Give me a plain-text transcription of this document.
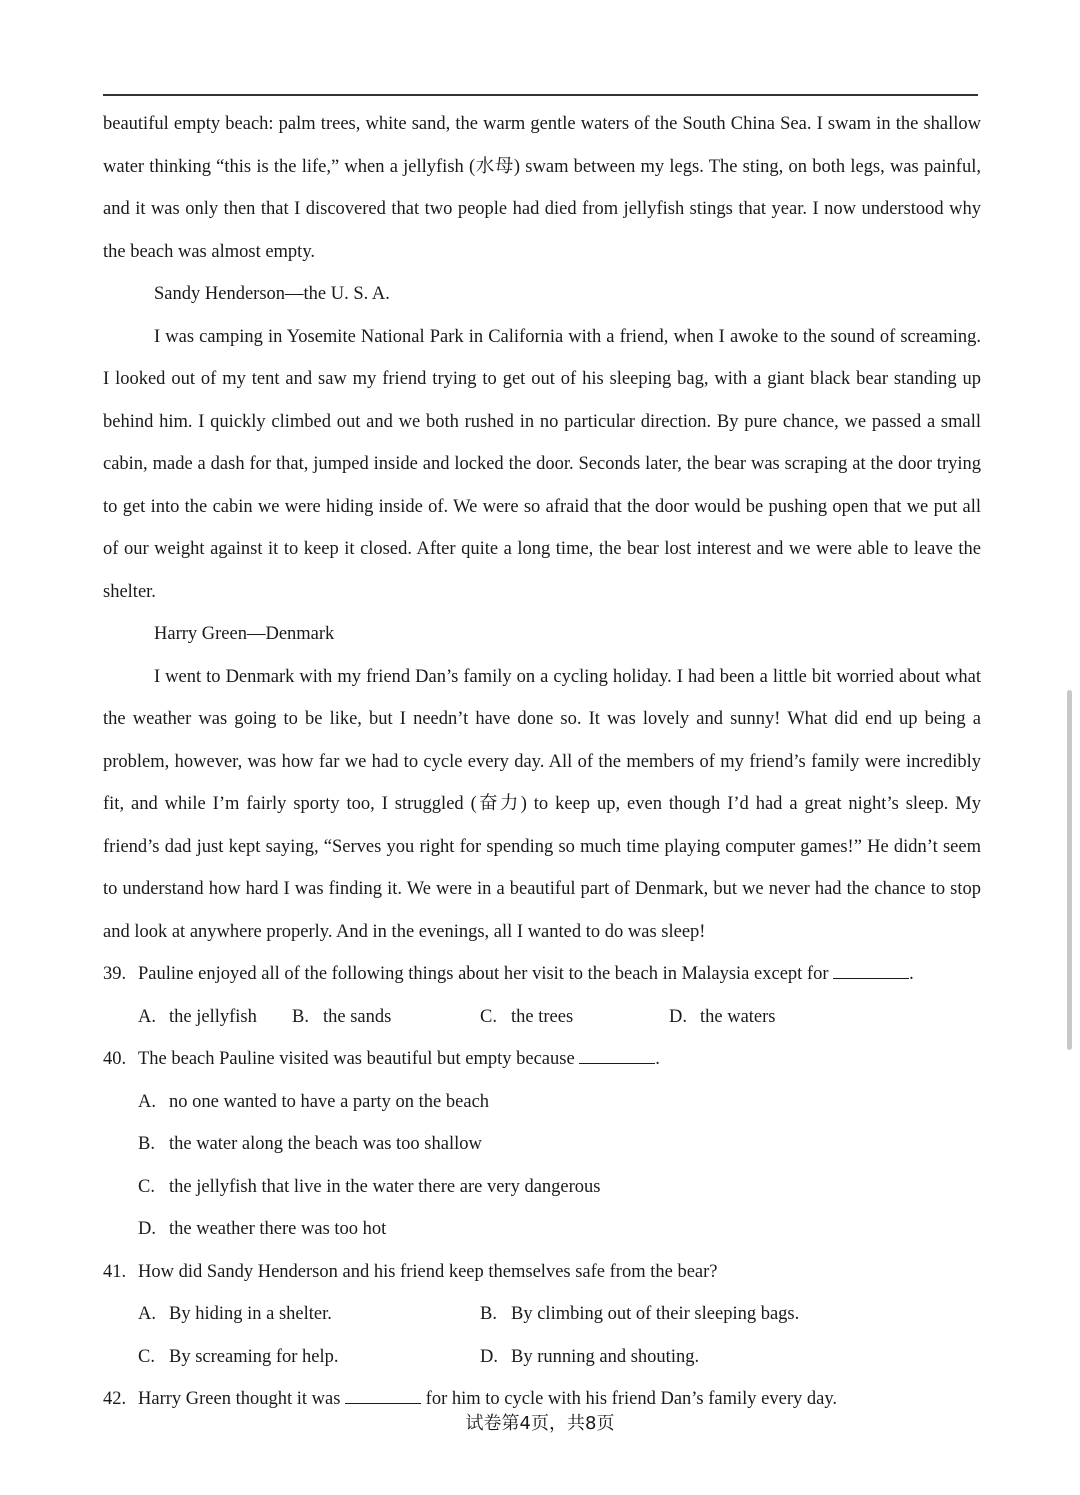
beautiful empty beach: palm trees, white sand, the warm gentle waters of the South China Sea. I swam in the shallow water thinking “this is the life,” when a jellyfish (水母) swam between my legs. The sting, on both legs, was painful, and it was only then that I discovered that two people had died from jellyfish stings that year. I now understood why the beach was almost empty.

Sandy Henderson—the U. S. A.

I was camping in Yosemite National Park in California with a friend, when I awoke to the sound of screaming. I looked out of my tent and saw my friend trying to get out of his sleeping bag, with a giant black bear standing up behind him. I quickly climbed out and we both rushed in no particular direction. By pure chance, we passed a small cabin, made a dash for that, jumped inside and locked the door. Seconds later, the bear was scraping at the door trying to get into the cabin we were hiding inside of. We were so afraid that the door would be pushing open that we put all of our weight against it to keep it closed. After quite a long time, the bear lost interest and we were able to leave the shelter.

Harry Green—Denmark

I went to Denmark with my friend Dan’s family on a cycling holiday. I had been a little bit worried about what the weather was going to be like, but I needn’t have done so. It was lovely and sunny! What did end up being a problem, however, was how far we had to cycle every day. All of the members of my friend’s family were incredibly fit, and while I’m fairly sporty too, I struggled (奋力) to keep up, even though I’d had a great night’s sleep. My friend’s dad just kept saying, “Serves you right for spending so much time playing computer games!” He didn’t seem to understand how hard I was finding it. We were in a beautiful part of Denmark, but we never had the chance to stop and look at anywhere properly. And in the evenings, all I wanted to do was sleep!

39. Pauline enjoyed all of the following things about her visit to the beach in Malaysia except for	.

A. the jellyfish B. the sands	C. the trees	D. the waters

40. The beach Pauline visited was beautiful but empty because	.

A. no one wanted to have a party on the beach

B. the water along the beach was too shallow

C. the jellyfish that live in the water there are very dangerous

D. the weather there was too hot

41. How did Sandy Henderson and his friend keep themselves safe from the bear?

A. By hiding in a shelter.	B. By climbing out of their sleeping bags.
C. By screaming for help.	D. By running and shouting.

42. Harry Green thought it was	for him to cycle with his friend Dan’s family every day.

试卷第4页，共8页
